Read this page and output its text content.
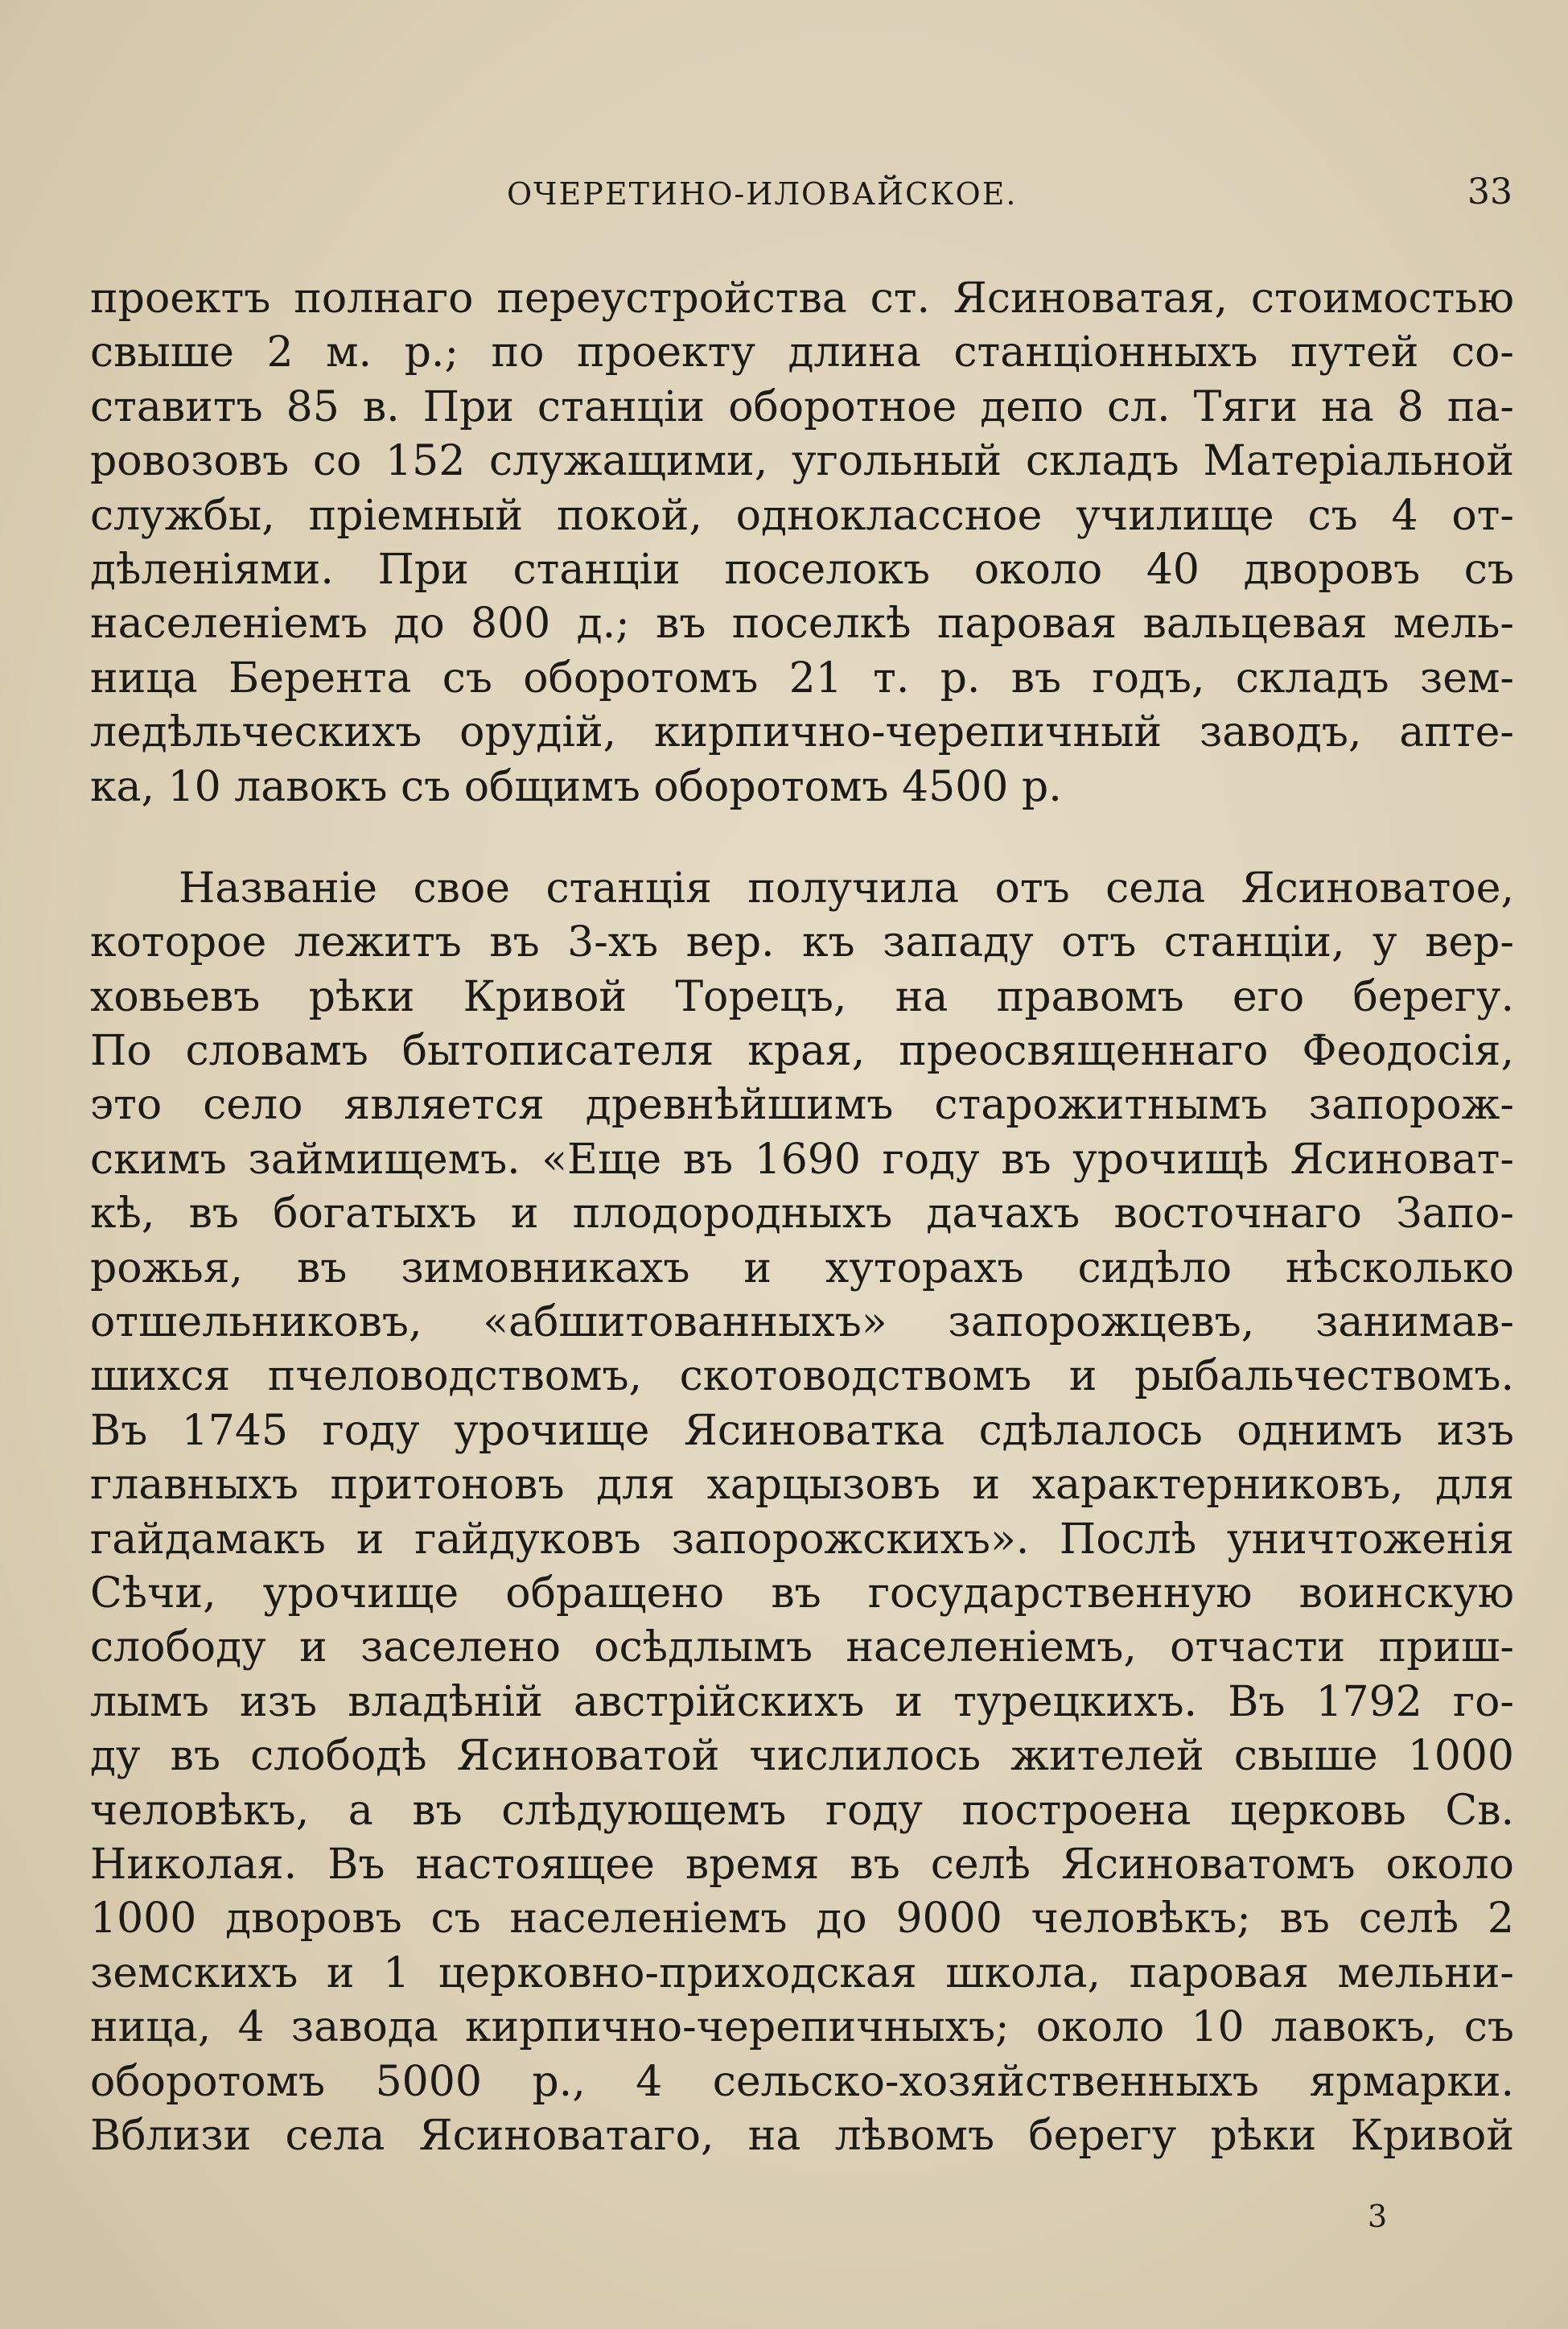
ОЧЕРЕТИНО-ИЛОВАЙСКОЕ.	33
проектъ полнаго переустройства ст. Ясиноватая, стоимостью
свыше 2 м. р.; по проекту длина станціонныхъ путей со-
ставитъ 85 в. При станціи оборотное депо сл. Тяги на 8 па-
ровозовъ со 152 служащими, угольный складъ Матеріальной
службы, пріемный покой, одноклассное училище съ 4 от-
дѣленіями. При станціи поселокъ около 40 дворовъ съ
населеніемъ до 800 д.; въ поселкѣ паровая вальцевая мель-
ница Берента съ оборотомъ 21 т. р. въ годъ, складъ зем-
ледѣльческихъ орудій, кирпично-черепичный заводъ, апте-
ка, 10 лавокъ съ общимъ оборотомъ 4500 р.
Названіе свое станція получила отъ села Ясиноватое,
которое лежитъ въ 3-хъ вер. къ западу отъ станціи, у вер-
ховьевъ рѣки Кривой Торецъ, на правомъ его берегу.
По словамъ бытописателя края, преосвященнаго Феодосія,
это село является древнѣйшимъ старожитнымъ запорож-
скимъ займищемъ. «Еще въ 1690 году въ урочищѣ Ясиноват-
кѣ, въ богатыхъ и плодородныхъ дачахъ восточнаго Запо-
рожья, въ зимовникахъ и хуторахъ сидѣло нѣсколько
отшельниковъ, «абшитованныхъ» запорожцевъ, занимав-
шихся пчеловодствомъ, скотоводствомъ и рыбальчествомъ.
Въ 1745 году урочище Ясиноватка сдѣлалось однимъ изъ
главныхъ притоновъ для харцызовъ и характерниковъ, для
гайдамакъ и гайдуковъ запорожскихъ». Послѣ уничтоженія
Сѣчи, урочище обращено въ государственную воинскую
слободу и заселено осѣдлымъ населеніемъ, отчасти приш-
лымъ изъ владѣній австрійскихъ и турецкихъ. Въ 1792 го-
ду въ слободѣ Ясиноватой числилось жителей свыше 1000
человѣкъ, а въ слѣдующемъ году построена церковь Св.
Николая. Въ настоящее время въ селѣ Ясиноватомъ около
1000 дворовъ съ населеніемъ до 9000 человѣкъ; въ селѣ 2
земскихъ и 1 церковно-приходская школа, паровая мельни-
ница, 4 завода кирпично-черепичныхъ; около 10 лавокъ, съ
оборотомъ 5000 р., 4 сельско-хозяйственныхъ ярмарки.
Вблизи села Ясиноватаго, на лѣвомъ берегу рѣки Кривой
3
